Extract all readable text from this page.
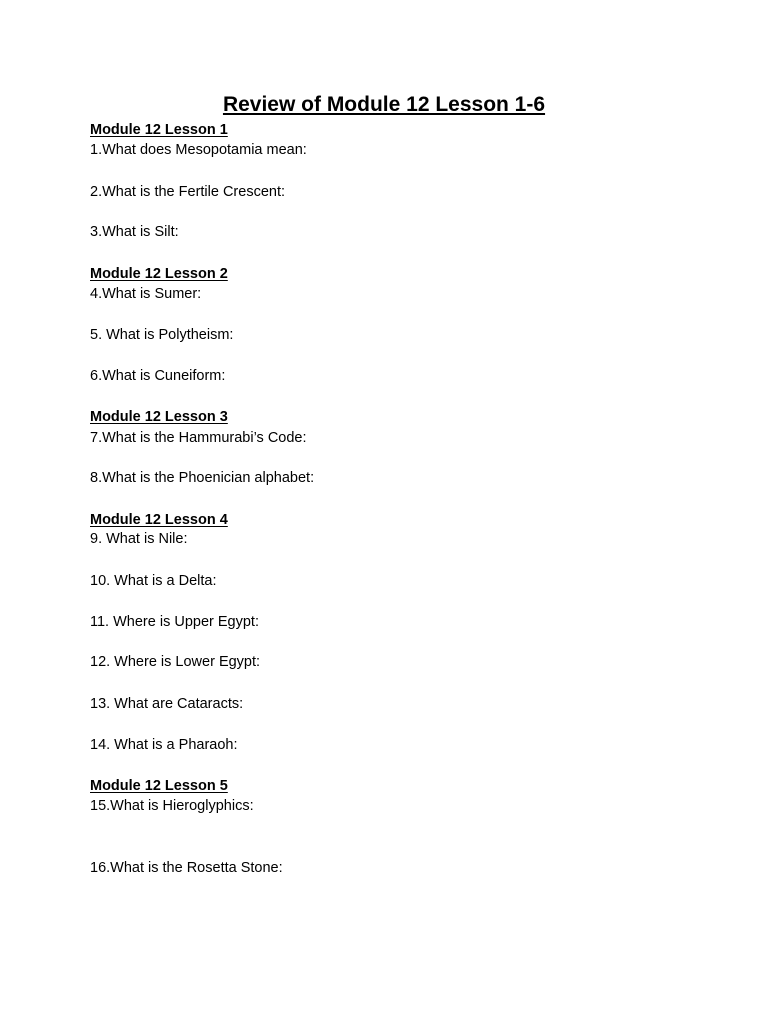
Review of Module 12 Lesson 1-6
Module 12 Lesson 1
1.What does Mesopotamia mean:
2.What is the Fertile Crescent:
3.What is Silt:
Module 12 Lesson 2
4.What is Sumer:
5. What is Polytheism:
6.What is Cuneiform:
Module 12 Lesson 3
7.What is the Hammurabi’s Code:
8.What is the Phoenician alphabet:
Module 12 Lesson 4
9. What is Nile:
10. What is a Delta:
11. Where is Upper Egypt:
12. Where is Lower Egypt:
13. What are Cataracts:
14. What is a Pharaoh:
Module 12 Lesson 5
15.What is Hieroglyphics:
16.What is the Rosetta Stone:
